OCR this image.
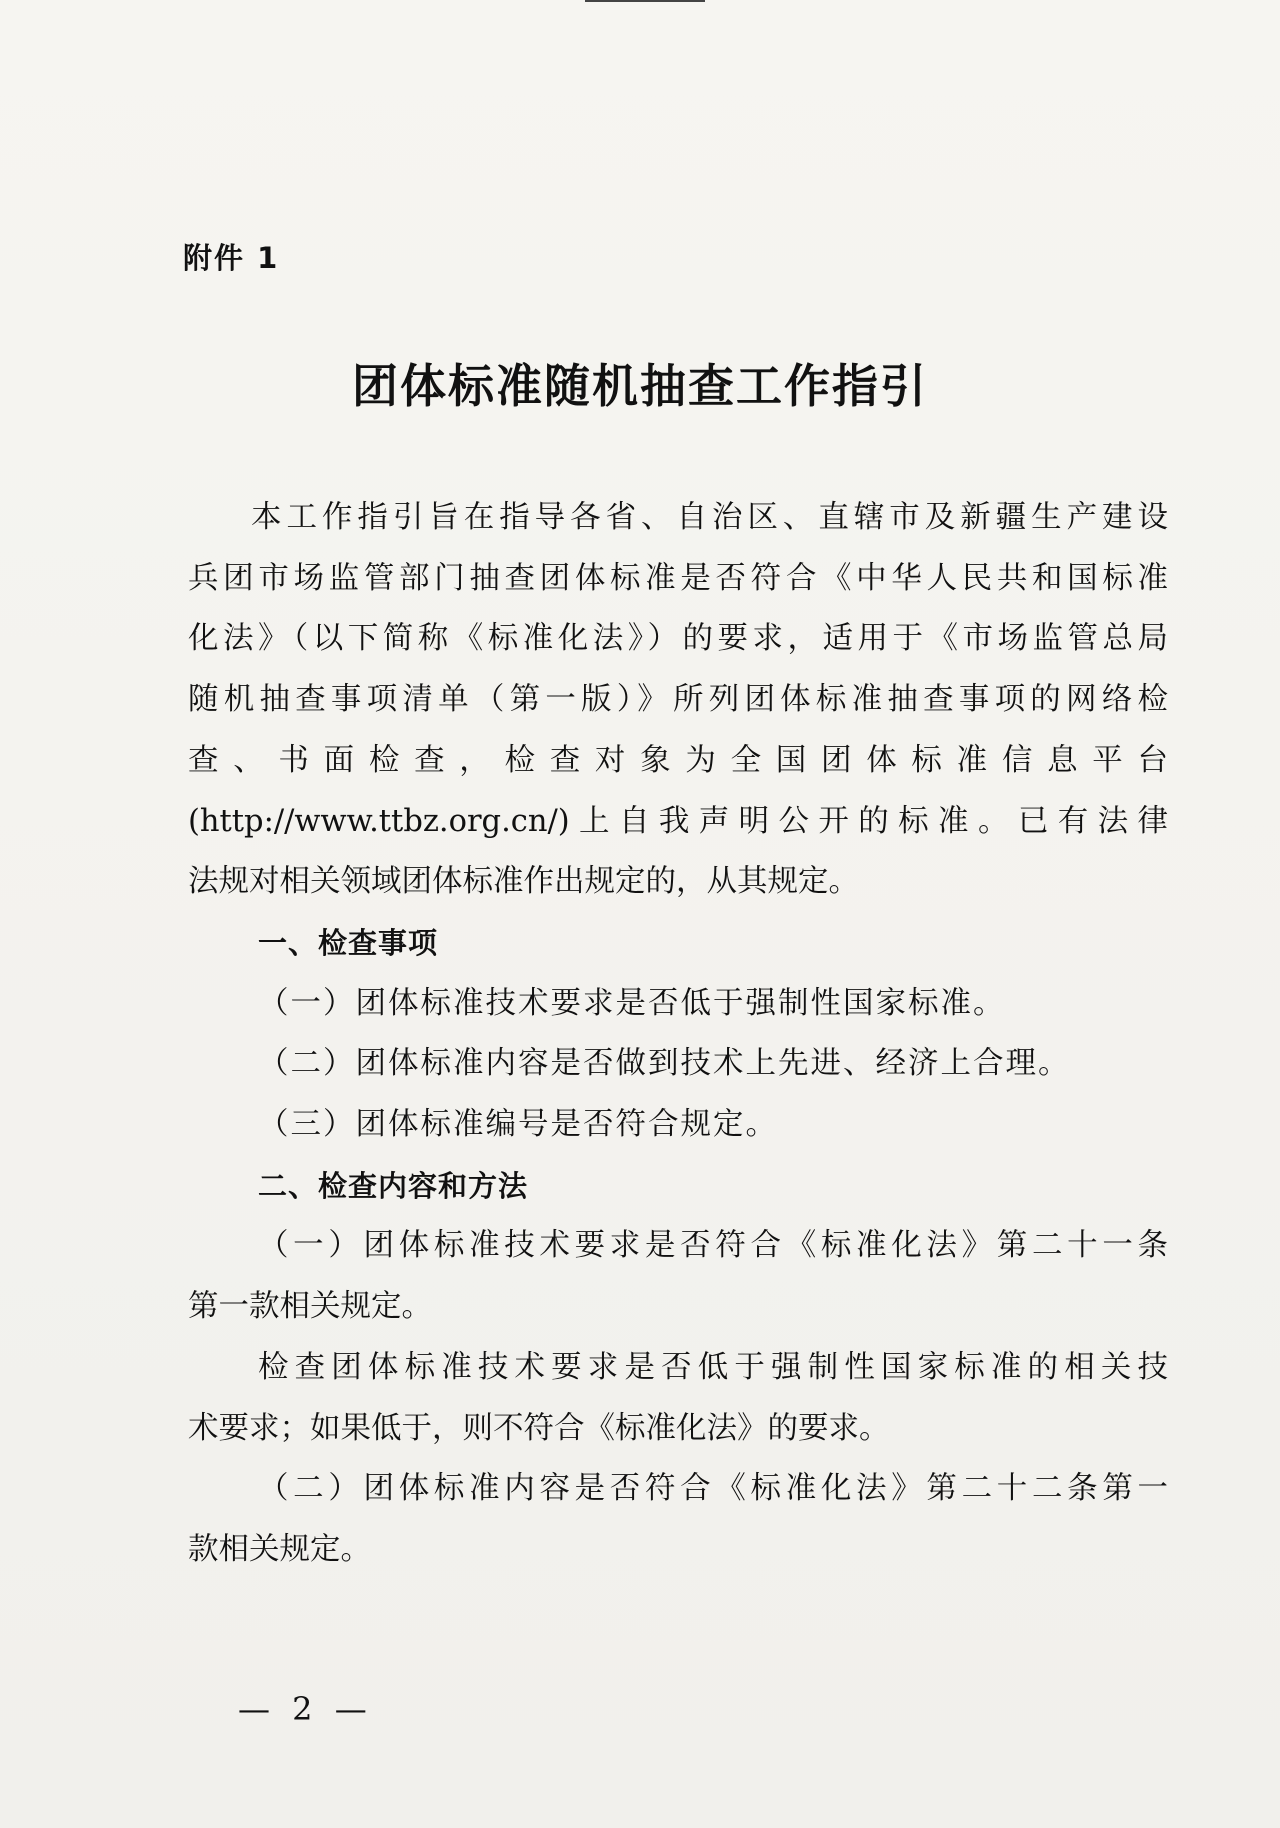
附件 1
团体标准随机抽查工作指引

本工作指引旨在指导各省、自治区、直辖市及新疆生产建设
兵团市场监管部门抽查团体标准是否符合《中华人民共和国标准
化法》（以下简称《标准化法》）的要求，适用于《市场监管总局
随机抽查事项清单（第一版）》所列团体标准抽查事项的网络检
查、书面检查，检查对象为全国团体标准信息平台
(http://www.ttbz.org.cn/)上自我声明公开的标准。已有法律
法规对相关领域团体标准作出规定的，从其规定。

一、检查事项

（一）团体标准技术要求是否低于强制性国家标准。

（二）团体标准内容是否做到技术上先进、经济上合理。

（三）团体标准编号是否符合规定。

二、检查内容和方法

（一）团体标准技术要求是否符合《标准化法》第二十一条
第一款相关规定。

检查团体标准技术要求是否低于强制性国家标准的相关技
术要求；如果低于，则不符合《标准化法》的要求。

（二）团体标准内容是否符合《标准化法》第二十二条第一
款相关规定。

— 2 —
